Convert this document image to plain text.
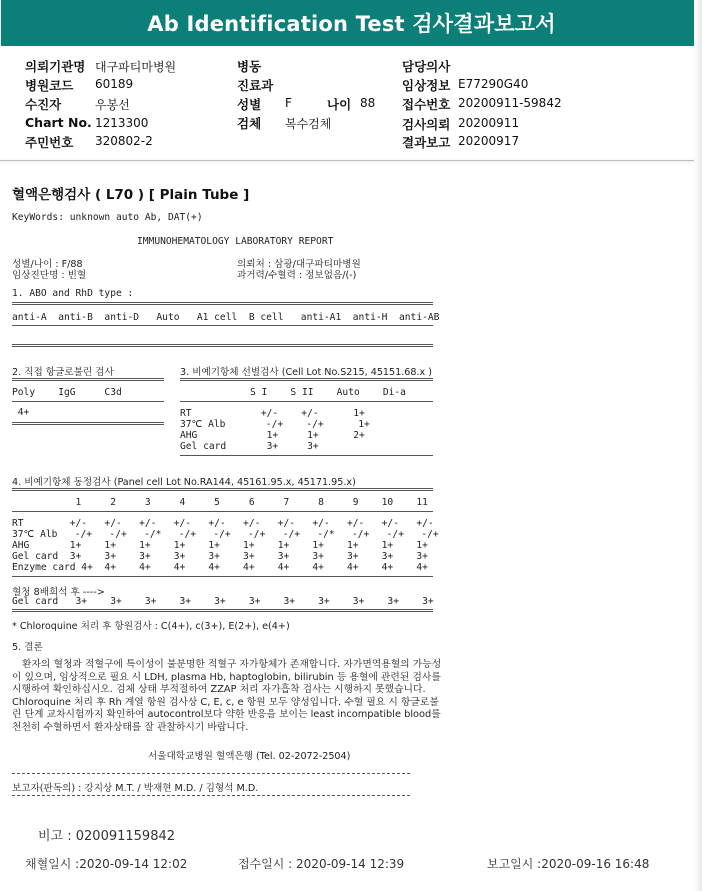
Ab Identification Test 검사결과보고서
의뢰기관명 대구파티마병원
병원코드 60189
수진자	우봉선
Chart No. 1213300
주민번호 320802-2
병동
진료과
성별 F	나이 88
검체 복수검체
담당의사
임상정보 E77290G40
접수번호 20200911-59842
검사의뢰 20200911
결과보고 20200917
혈액은행검사 ( L70 ) [ Plain Tube ]
KeyWords: unknown auto Ab, DAT(+)
IMMUNOHEMATOLOGY LABORATORY REPORT
성별/나이 : F/88
임상진단명 : 빈혈
의뢰처 : 삼광/대구파티마병원
과거력/수혈력 : 정보없음/(-)
1. ABO and RhD type :
anti-A  anti-B  anti-D   Auto   A1 cell  B cell   anti-A1  anti-H  anti-AB
2. 직접 항글로불린 검사
Poly    IgG     C3d
4+
3. 비예기항체 선별검사 (Cell Lot No.S215, 45151.68.x )
S I    S II    Auto    Di-a
RT            +/-    +/-      1+
37℃ Alb       -/+    -/+      1+
AHG            1+     1+      2+
Gel card       3+     3+
4. 비예기항체 동정검사 (Panel cell Lot No.RA144, 45161.95.x, 45171.95.x)
1     2     3     4     5     6     7     8     9    10    11
RT        +/-   +/-   +/-   +/-   +/-   +/-   +/-   +/-   +/-   +/-   +/-
37℃ Alb   -/+   -/+   -/*   -/+   -/+   -/+   -/+   -/*   -/+   -/+   -/+
AHG       1+    1+    1+    1+    1+    1+    1+    1+    1+    1+    1+
Gel card  3+    3+    3+    3+    3+    3+    3+    3+    3+    3+    3+
Enzyme card 4+  4+    4+    4+    4+    4+    4+    4+    4+    4+    4+
혈청 8배희석 후 ---->
Gel card   3+    3+    3+    3+    3+    3+    3+    3+    3+    3+    3+
* Chloroquine 처리 후 항원검사 : C(4+), c(3+), E(2+), e(4+)
5. 결론
환자의 혈청과 적혈구에 특이성이 불분명한 적혈구 자가항체가 존재합니다. 자가면역용혈의 가능성이 있으며, 임상적으로 필요 시 LDH, plasma Hb, haptoglobin, bilirubin 등 용혈에 관련된 검사를 시행하여 확인하십시오. 검체 상태 부적절하여 ZZAP 처리 자가흡착 검사는 시행하지 못했습니다. Chloroquine 처리 후 Rh 계열 항원 검사상 C, E, c, e 항원 모두 양성입니다. 수혈 필요 시 항글로불린 단계 교차시험까지 확인하여 autocontrol보다 약한 반응을 보이는 least incompatible blood를 천천히 수혈하면서 환자상태를 잘 관찰하시기 바랍니다.
서울대학교병원 혈액은행 (Tel. 02-2072-2504)
보고자(판독의) : 강지상 M.T. / 박재현 M.D. / 김형석 M.D.
비고 : 020091159842
채혈일시 :2020-09-14 12:02	접수일시 : 2020-09-14 12:39	보고일시 :2020-09-16 16:48
